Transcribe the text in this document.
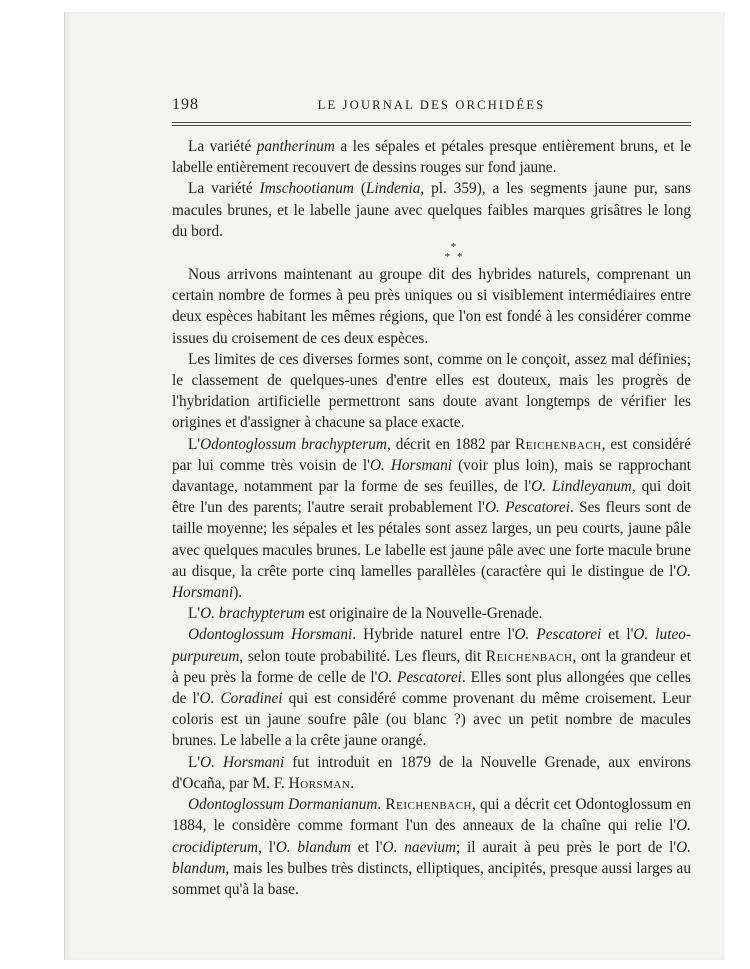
198	LE JOURNAL DES ORCHIDÉES

La variété pantherinum a les sépales et pétales presque entièrement bruns, et le labelle entièrement recouvert de dessins rouges sur fond jaune.

La variété Imschootianum (Lindenia, pl. 359), a les segments jaune pur, sans macules brunes, et le labelle jaune avec quelques faibles marques grisâtres le long du bord.

*
* *

Nous arrivons maintenant au groupe dit des hybrides naturels, comprenant un certain nombre de formes à peu près uniques ou si visiblement intermédiaires entre deux espèces habitant les mêmes régions, que l'on est fondé à les considérer comme issues du croisement de ces deux espèces.

Les limites de ces diverses formes sont, comme on le conçoit, assez mal définies; le classement de quelques-unes d'entre elles est douteux, mais les progrès de l'hybridation artificielle permettront sans doute avant longtemps de vérifier les origines et d'assigner à chacune sa place exacte.

L'Odontoglossum brachypterum, décrit en 1882 par Reichenbach, est considéré par lui comme très voisin de l'O. Horsmani (voir plus loin), mais se rapprochant davantage, notamment par la forme de ses feuilles, de l'O. Lindleyanum, qui doit être l'un des parents; l'autre serait probablement l'O. Pescatorei. Ses fleurs sont de taille moyenne; les sépales et les pétales sont assez larges, un peu courts, jaune pâle avec quelques macules brunes. Le labelle est jaune pâle avec une forte macule brune au disque, la crête porte cinq lamelles parallèles (caractère qui le distingue de l'O. Horsmani).

L'O. brachypterum est originaire de la Nouvelle-Grenade.

Odontoglossum Horsmani. Hybride naturel entre l'O. Pescatorei et l'O. luteo-purpureum, selon toute probabilité. Les fleurs, dit Reichenbach, ont la grandeur et à peu près la forme de celle de l'O. Pescatorei. Elles sont plus allongées que celles de l'O. Coradinei qui est considéré comme provenant du même croisement. Leur coloris est un jaune soufre pâle (ou blanc ?) avec un petit nombre de macules brunes. Le labelle a la crête jaune orangé.

L'O. Horsmani fut introduit en 1879 de la Nouvelle Grenade, aux environs d'Ocaña, par M. F. Horsman.

Odontoglossum Dormanianum. Reichenbach, qui a décrit cet Odontoglossum en 1884, le considère comme formant l'un des anneaux de la chaîne qui relie l'O. crocidipterum, l'O. blandum et l'O. naevium; il aurait à peu près le port de l'O. blandum, mais les bulbes très distincts, elliptiques, ancipités, presque aussi larges au sommet qu'à la base.
